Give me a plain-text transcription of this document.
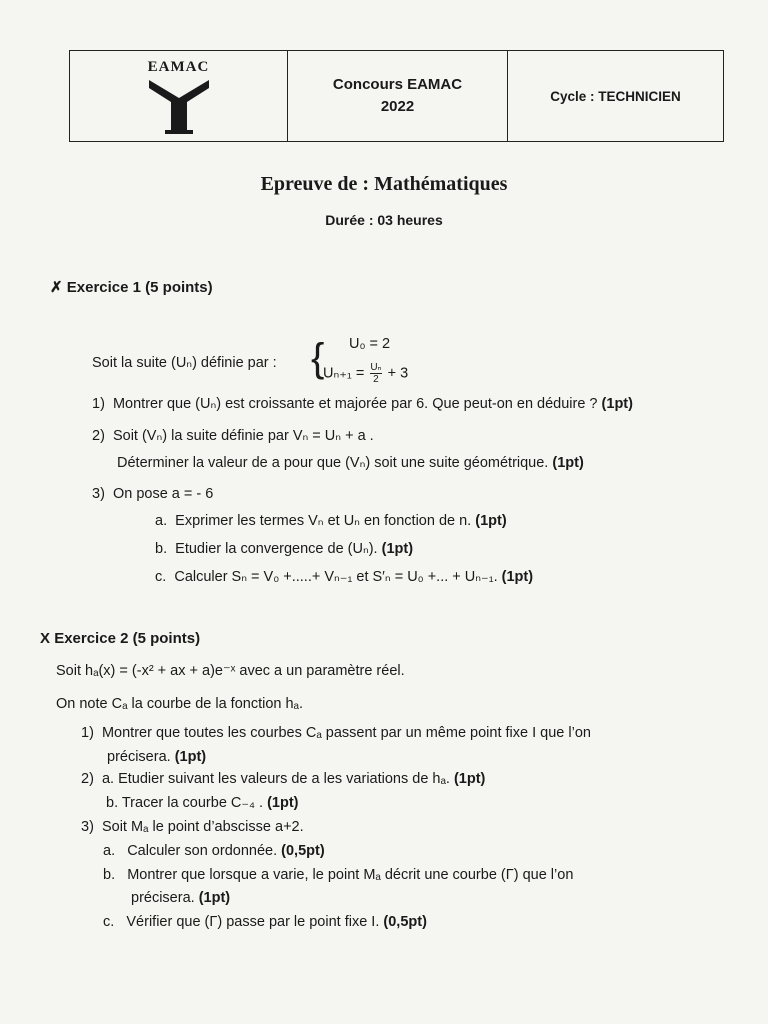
EAMAC
Concours EAMAC
2022
Cycle : TECHNICIEN
Epreuve de : Mathématiques
Durée : 03 heures
✗ Exercice 1 (5 points)
Soit la suite (Uₙ) définie par : { U₀ = 2
$U_{n+1} = \frac{\text{Uₙ}}{2} + 3$
1) Montrer que (Uₙ) est croissante et majorée par 6. Que peut-on en déduire ? (1pt)
2) Soit (Vₙ) la suite définie par Vₙ = Uₙ + a .
Déterminer la valeur de a pour que (Vₙ) soit une suite géométrique. (1pt)
3) On pose a = - 6
a. Exprimer les termes Vₙ et Uₙ en fonction de n. (1pt)
b. Etudier la convergence de (Uₙ). (1pt)
c. Calculer Sₙ = V₀ +.....+ Vₙ₋₁ et S′ₙ = U₀ +... + Uₙ₋₁. (1pt)
X Exercice 2 (5 points)
Soit hₐ(x) = (-x² + ax + a)e⁻ˣ avec a un paramètre réel.
On note Cₐ la courbe de la fonction hₐ.
1) Montrer que toutes les courbes Cₐ passent par un même point fixe I que l’on
précisera. (1pt)
2) a. Etudier suivant les valeurs de a les variations de hₐ. (1pt)
b. Tracer la courbe C₋₄ . (1pt)
3) Soit Mₐ le point d’abscisse a+2.
a. Calculer son ordonnée. (0,5pt)
b. Montrer que lorsque a varie, le point Mₐ décrit une courbe (Γ) que l’on
précisera. (1pt)
c. Vérifier que (Γ) passe par le point fixe I. (0,5pt)
